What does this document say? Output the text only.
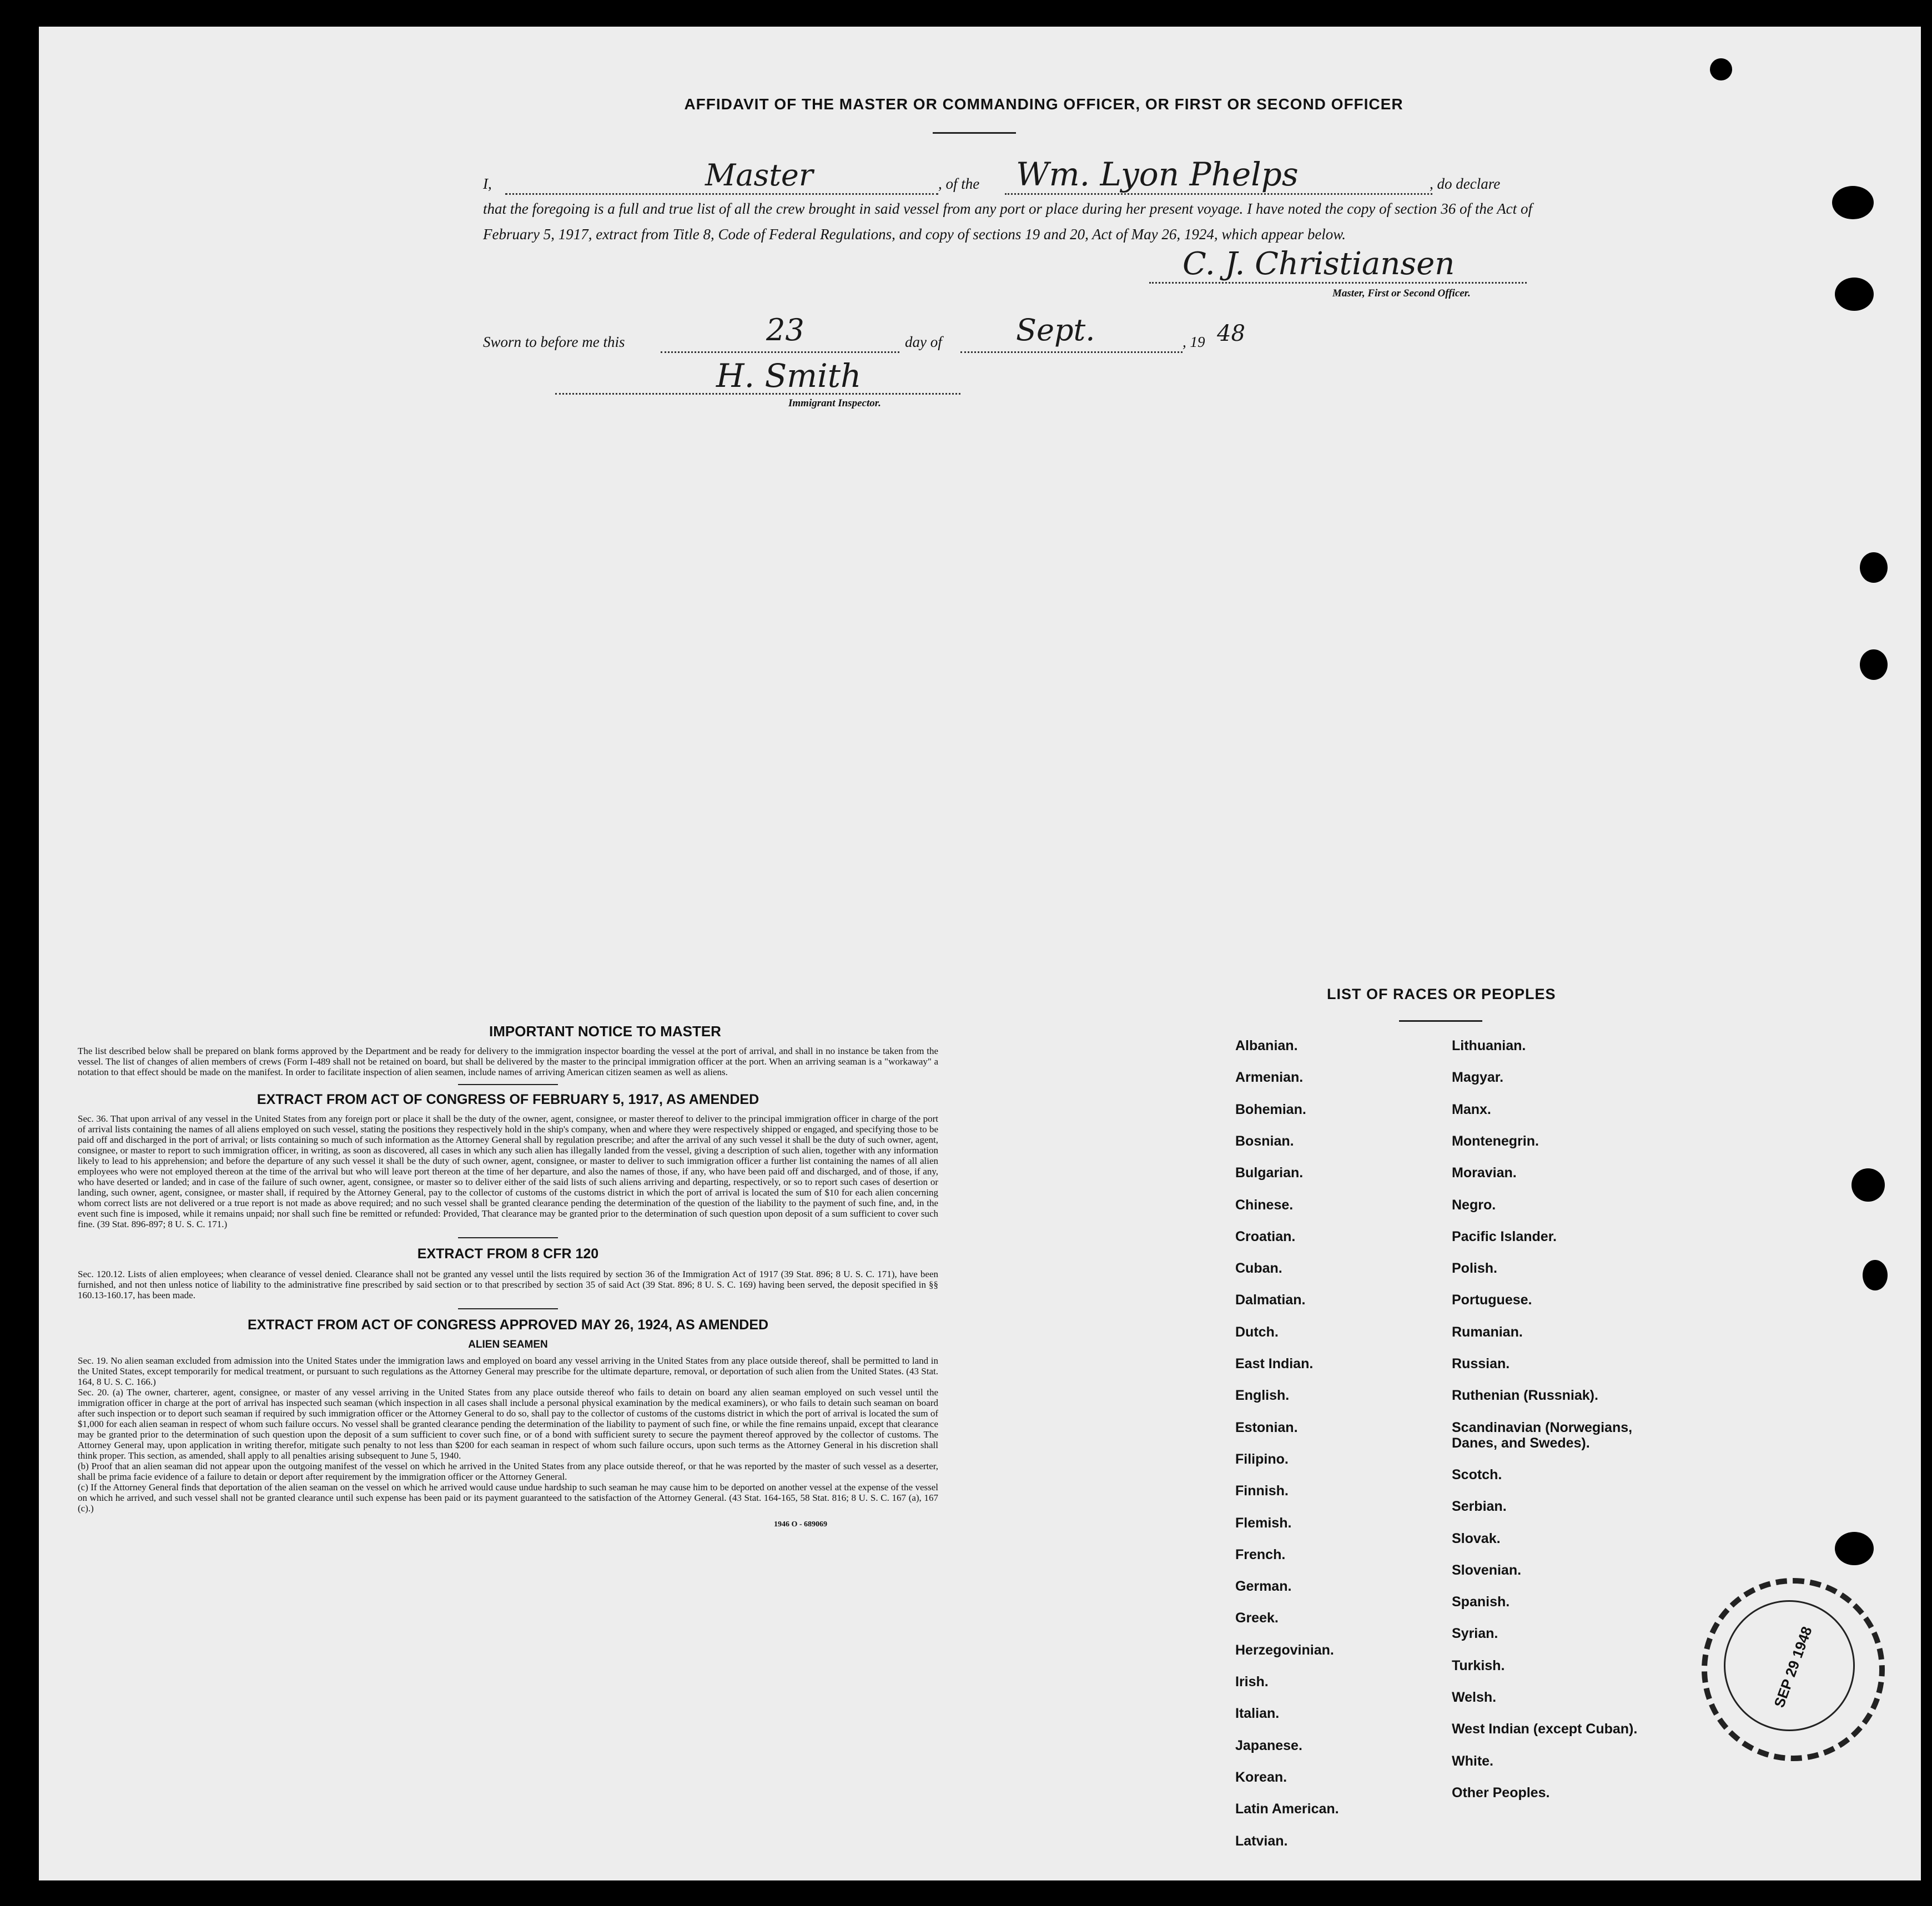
AFFIDAVIT OF THE MASTER OR COMMANDING OFFICER, OR FIRST OR SECOND OFFICER
I,	Master	, of the Wm. Lyon Phelps	, do declare
that the foregoing is a full and true list of all the crew brought in said vessel from any port or place during her present voyage. I have noted the copy of section 36 of the Act of February 5, 1917, extract from Title 8, Code of Federal Regulations, and copy of sections 19 and 20, Act of May 26, 1924, which appear below.
C. J. Christiansen
Master, First or Second Officer.
Sworn to before me this	23	day of Sept.	, 19 48
H. Smith
Immigrant Inspector.
IMPORTANT NOTICE TO MASTER
The list described below shall be prepared on blank forms approved by the Department and be ready for delivery to the immigration inspector boarding the vessel at the port of arrival, and shall in no instance be taken from the vessel. The list of changes of alien members of crews (Form I-489 shall not be retained on board, but shall be delivered by the master to the principal immigration officer at the port. When an arriving seaman is a "workaway" a notation to that effect should be made on the manifest. In order to facilitate inspection of alien seamen, include names of arriving American citizen seamen as well as aliens.
EXTRACT FROM ACT OF CONGRESS OF FEBRUARY 5, 1917, AS AMENDED
Sec. 36. That upon arrival of any vessel in the United States from any foreign port or place it shall be the duty of the owner, agent, consignee, or master thereof to deliver to the principal immigration officer in charge of the port of arrival lists containing the names of all aliens employed on such vessel, stating the positions they respectively hold in the ship's company, when and where they were respectively shipped or engaged, and specifying those to be paid off and discharged in the port of arrival; or lists containing so much of such information as the Attorney General shall by regulation prescribe; and after the arrival of any such vessel it shall be the duty of such owner, agent, consignee, or master to report to such immigration officer, in writing, as soon as discovered, all cases in which any such alien has illegally landed from the vessel, giving a description of such alien, together with any information likely to lead to his apprehension; and before the departure of any such vessel it shall be the duty of such owner, agent, consignee, or master to deliver to such immigration officer a further list containing the names of all alien employees who were not employed thereon at the time of the arrival but who will leave port thereon at the time of her departure, and also the names of those, if any, who have been paid off and discharged, and of those, if any, who have deserted or landed; and in case of the failure of such owner, agent, consignee, or master so to deliver either of the said lists of such aliens arriving and departing, respectively, or so to report such cases of desertion or landing, such owner, agent, consignee, or master shall, if required by the Attorney General, pay to the collector of customs of the customs district in which the port of arrival is located the sum of $10 for each alien concerning whom correct lists are not delivered or a true report is not made as above required; and no such vessel shall be granted clearance pending the determination of the question of the liability to the payment of such fine, and, in the event such fine is imposed, while it remains unpaid; nor shall such fine be remitted or refunded: Provided, That clearance may be granted prior to the determination of such question upon deposit of a sum sufficient to cover such fine. (39 Stat. 896-897; 8 U. S. C. 171.)
EXTRACT FROM 8 CFR 120
Sec. 120.12. Lists of alien employees; when clearance of vessel denied. Clearance shall not be granted any vessel until the lists required by section 36 of the Immigration Act of 1917 (39 Stat. 896; 8 U. S. C. 171), have been furnished, and not then unless notice of liability to the administrative fine prescribed by said section or to that prescribed by section 35 of said Act (39 Stat. 896; 8 U. S. C. 169) having been served, the deposit specified in §§ 160.13-160.17, has been made.
EXTRACT FROM ACT OF CONGRESS APPROVED MAY 26, 1924, AS AMENDED
ALIEN SEAMEN
Sec. 19. No alien seaman excluded from admission into the United States under the immigration laws and employed on board any vessel arriving in the United States from any place outside thereof, shall be permitted to land in the United States, except temporarily for medical treatment, or pursuant to such regulations as the Attorney General may prescribe for the ultimate departure, removal, or deportation of such alien from the United States. (43 Stat. 164, 8 U. S. C. 166.)
Sec. 20. (a) The owner, charterer, agent, consignee, or master of any vessel arriving in the United States from any place outside thereof who fails to detain on board any alien seaman employed on such vessel until the immigration officer in charge at the port of arrival has inspected such seaman (which inspection in all cases shall include a personal physical examination by the medical examiners), or who fails to detain such seaman on board after such inspection or to deport such seaman if required by such immigration officer or the Attorney General to do so, shall pay to the collector of customs of the customs district in which the port of arrival is located the sum of $1,000 for each alien seaman in respect of whom such failure occurs. No vessel shall be granted clearance pending the determination of the liability to payment of such fine, or while the fine remains unpaid, except that clearance may be granted prior to the determination of such question upon the deposit of a sum sufficient to cover such fine, or of a bond with sufficient surety to secure the payment thereof approved by the collector of customs. The Attorney General may, upon application in writing therefor, mitigate such penalty to not less than $200 for each seaman in respect of whom such failure occurs, upon such terms as the Attorney General in his discretion shall think proper. This section, as amended, shall apply to all penalties arising subsequent to June 5, 1940.
(b) Proof that an alien seaman did not appear upon the outgoing manifest of the vessel on which he arrived in the United States from any place outside thereof, or that he was reported by the master of such vessel as a deserter, shall be prima facie evidence of a failure to detain or deport after requirement by the immigration officer or the Attorney General.
(c) If the Attorney General finds that deportation of the alien seaman on the vessel on which he arrived would cause undue hardship to such seaman he may cause him to be deported on another vessel at the expense of the vessel on which he arrived, and such vessel shall not be granted clearance until such expense has been paid or its payment guaranteed to the satisfaction of the Attorney General. (43 Stat. 164-165, 58 Stat. 816; 8 U. S. C. 167 (a), 167 (c).)
1946 O - 689069
LIST OF RACES OR PEOPLES
Albanian.
Armenian.
Bohemian.
Bosnian.
Bulgarian.
Chinese.
Croatian.
Cuban.
Dalmatian.
Dutch.
East Indian.
English.
Estonian.
Filipino.
Finnish.
Flemish.
French.
German.
Greek.
Herzegovinian.
Irish.
Italian.
Japanese.
Korean.
Latin American.
Latvian.
Lithuanian.
Magyar.
Manx.
Montenegrin.
Moravian.
Negro.
Pacific Islander.
Polish.
Portuguese.
Rumanian.
Russian.
Ruthenian (Russniak).
Scandinavian (Norwegians,
Danes, and Swedes).
Scotch.
Serbian.
Slovak.
Slovenian.
Spanish.
Syrian.
Turkish.
Welsh.
West Indian (except Cuban).
White.
Other Peoples.
SEP 29 1948
